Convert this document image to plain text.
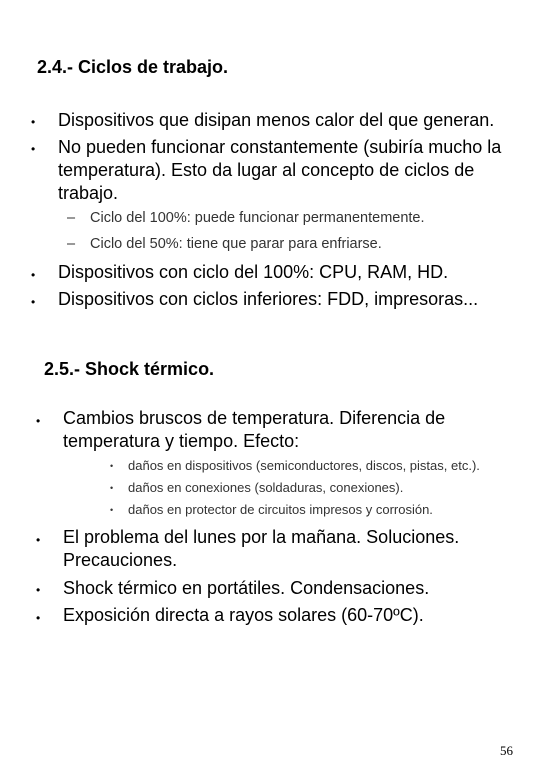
2.4.- Ciclos de trabajo.
• Dispositivos que disipan menos calor del que generan.
• No pueden funcionar constantemente (subiría mucho la temperatura). Esto da lugar al concepto de ciclos de trabajo.
– Ciclo del 100%: puede funcionar permanentemente.
– Ciclo del 50%: tiene que parar para enfriarse.
• Dispositivos con ciclo del 100%: CPU, RAM, HD.
• Dispositivos con ciclos inferiores: FDD, impresoras...
2.5.- Shock térmico.
• Cambios bruscos de temperatura. Diferencia de temperatura y tiempo. Efecto:
• daños en dispositivos (semiconductores, discos, pistas, etc.).
• daños en conexiones (soldaduras, conexiones).
• daños en protector de circuitos impresos y corrosión.
• El problema del lunes por la mañana. Soluciones. Precauciones.
• Shock térmico en portátiles. Condensaciones.
• Exposición directa a rayos solares (60-70ºC).
56
